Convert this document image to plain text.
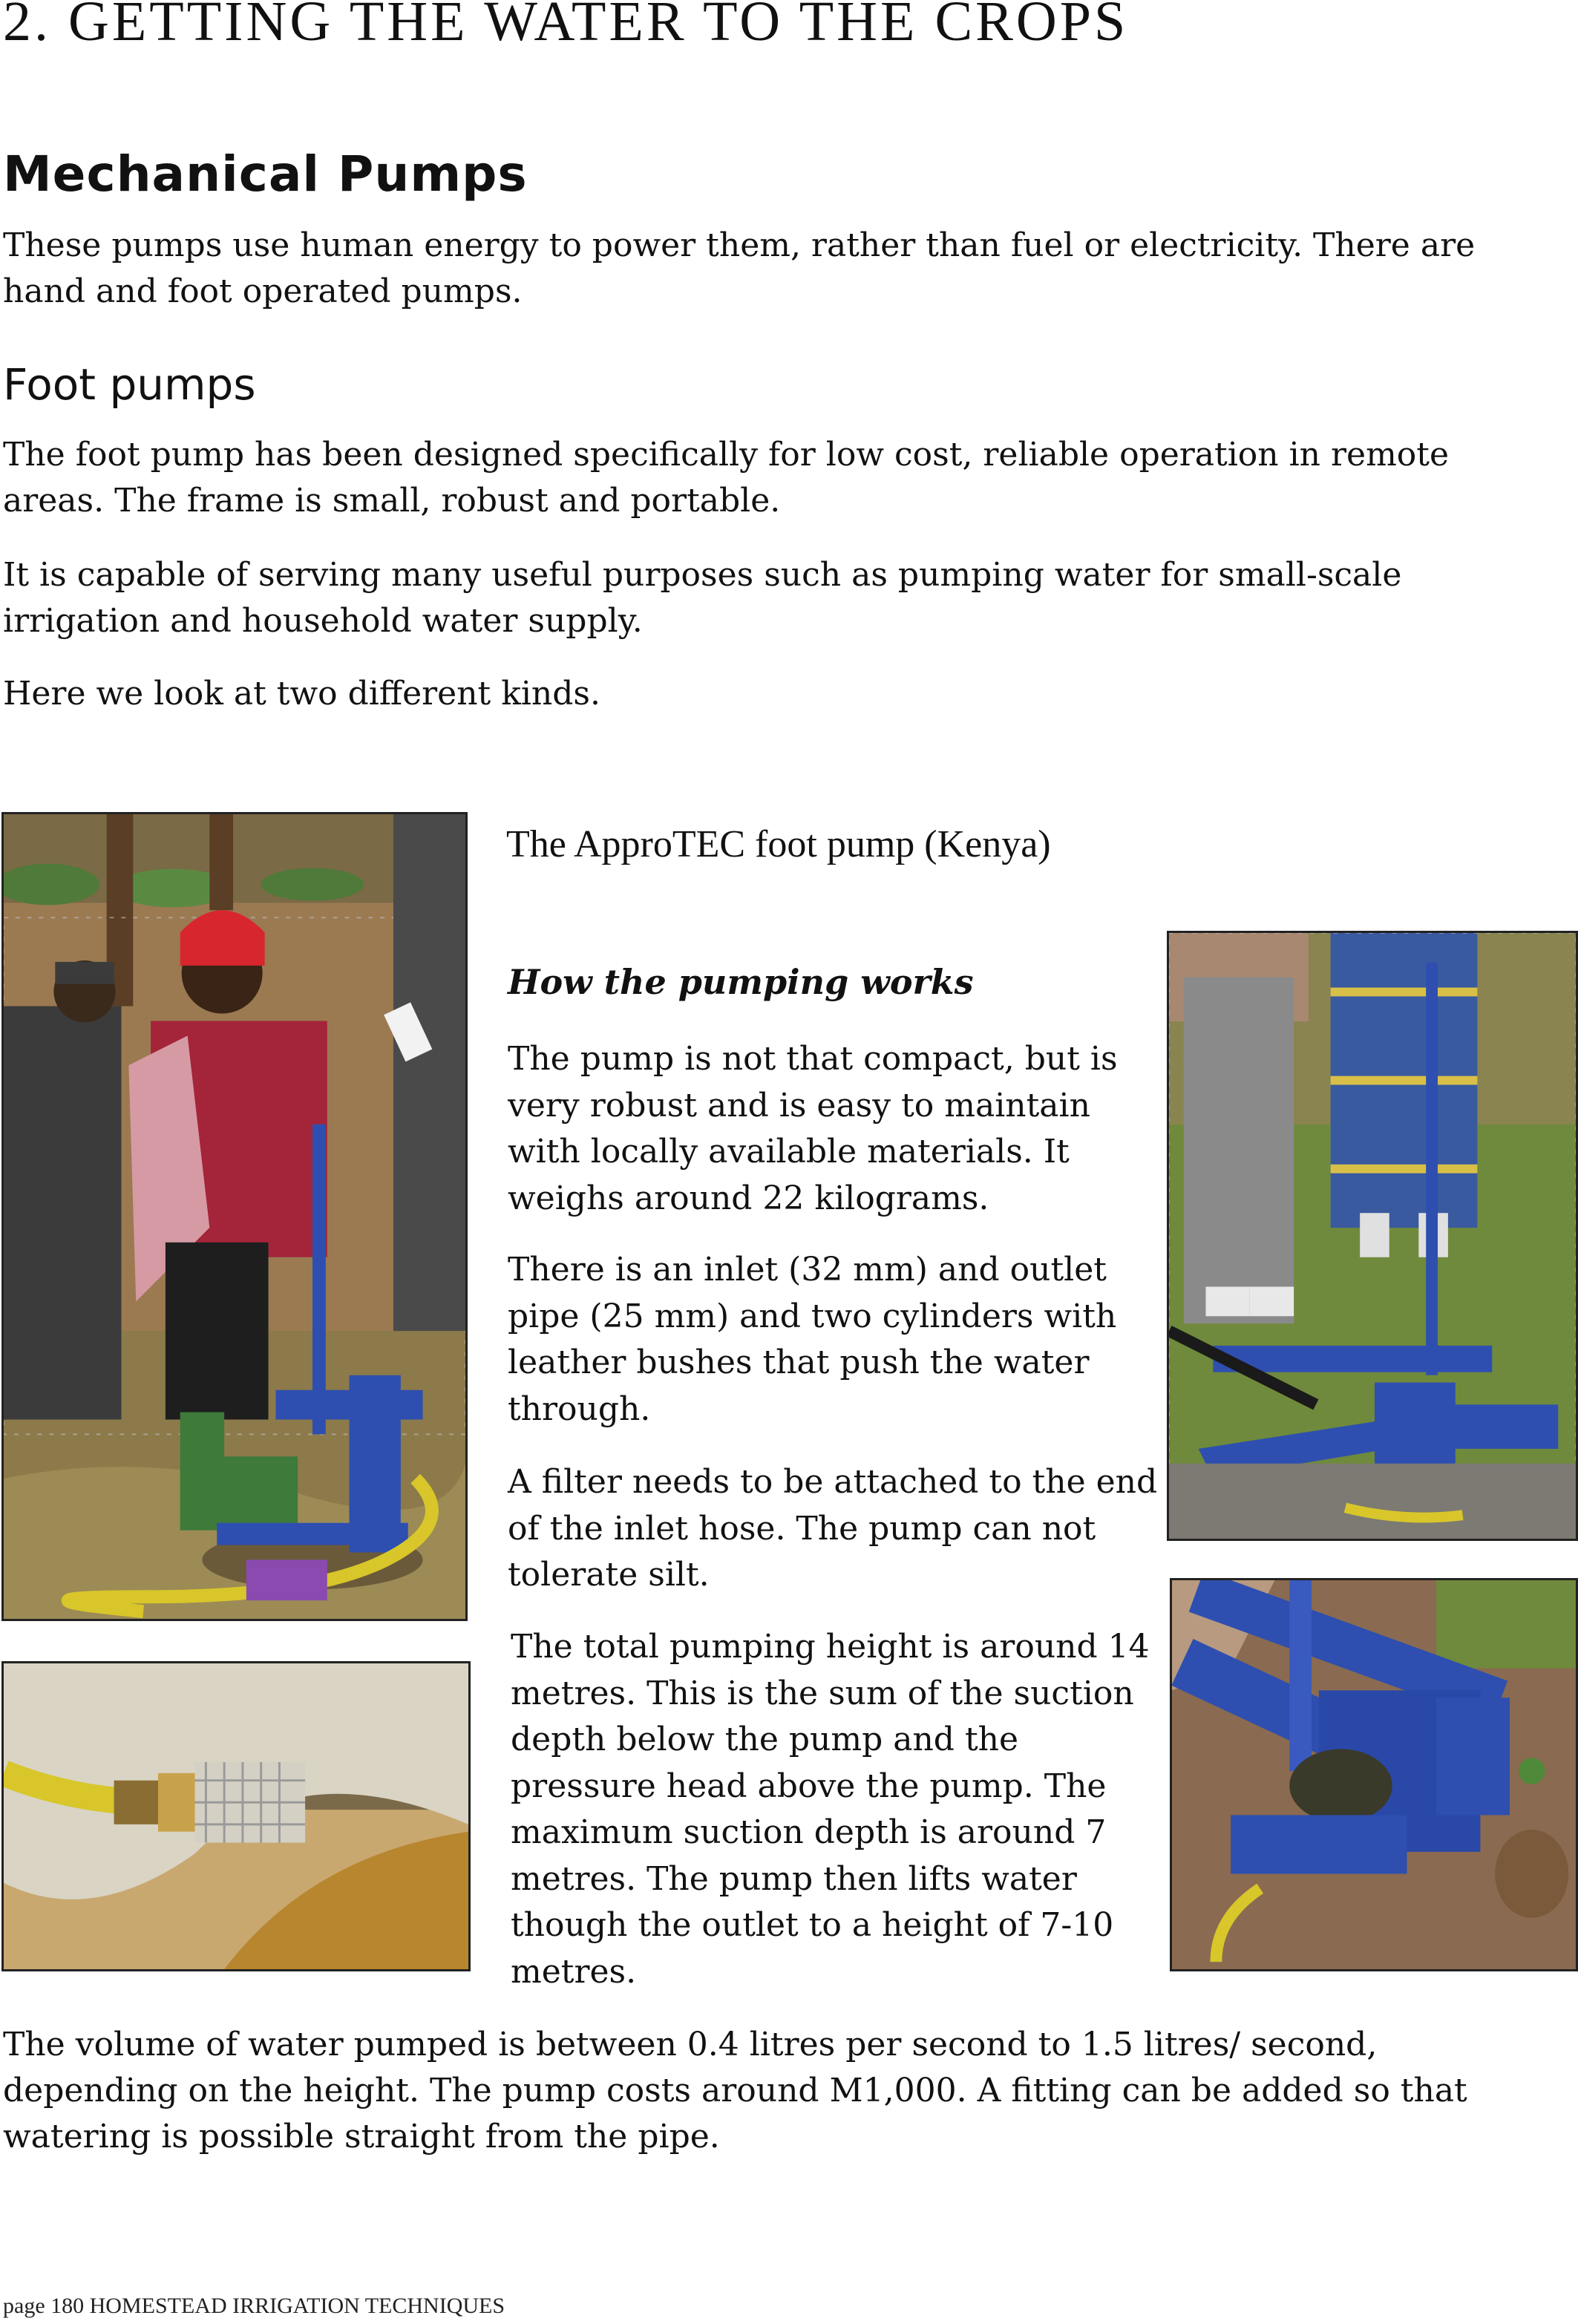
2. GETTING THE WATER TO THE CROPS
Mechanical Pumps

These pumps use human energy to power them, rather than fuel or electricity. There are hand and foot operated pumps.

Foot pumps

The foot pump has been designed specifically for low cost, reliable operation in remote areas. The frame is small, robust and portable.

It is capable of serving many useful purposes such as pumping water for small-scale irrigation and household water supply.

Here we look at two different kinds.

The ApproTEC foot pump (Kenya)
How the pumping works

The pump is not that compact, but is very robust and is easy to maintain with locally available materials. It weighs around 22 kilograms.

There is an inlet (32 mm) and outlet pipe (25 mm) and two cylinders with leather bushes that push the water through.

A filter needs to be attached to the end of the inlet hose. The pump can not tolerate silt.

The total pumping height is around 14 metres. This is the sum of the suction depth below the pump and the pressure head above the pump. The maximum suction depth is around 7 metres. The pump then lifts water though the outlet to a height of 7-10 metres.

The volume of water pumped is between 0.4 litres per second to 1.5 litres/ second, depending on the height. The pump costs around M1,000. A fitting can be added so that watering is possible straight from the pipe.

page 180 HOMESTEAD IRRIGATION TECHNIQUES
